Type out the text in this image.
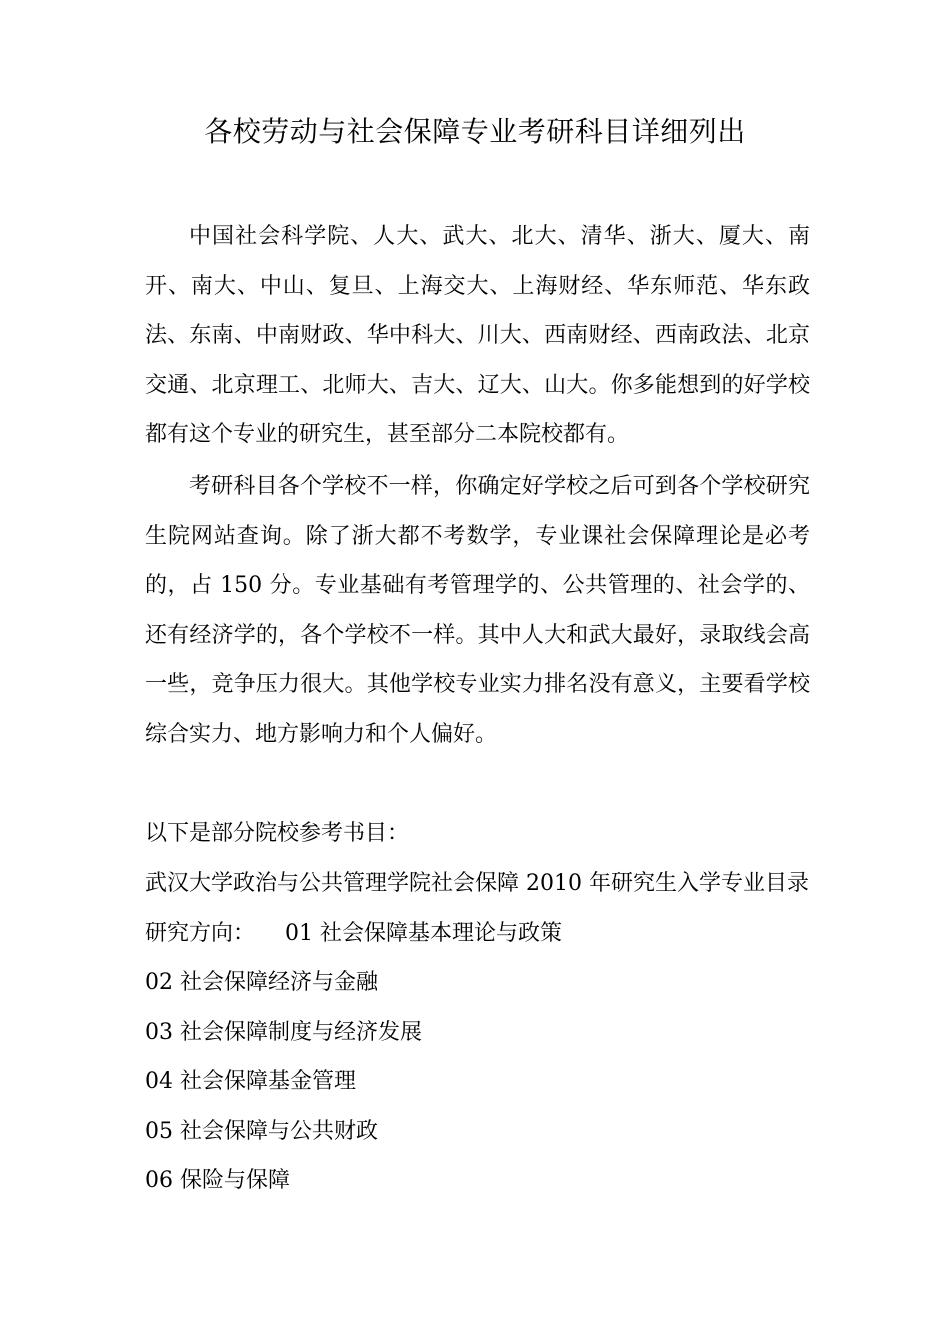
各校劳动与社会保障专业考研科目详细列出
中国社会科学院、人大、武大、北大、清华、浙大、厦大、南开、南大、中山、复旦、上海交大、上海财经、华东师范、华东政法、东南、中南财政、华中科大、川大、西南财经、西南政法、北京交通、北京理工、北师大、吉大、辽大、山大。你多能想到的好学校都有这个专业的研究生，甚至部分二本院校都有。
考研科目各个学校不一样，你确定好学校之后可到各个学校研究生院网站查询。除了浙大都不考数学，专业课社会保障理论是必考的，占 150 分。专业基础有考管理学的、公共管理的、社会学的、还有经济学的，各个学校不一样。其中人大和武大最好，录取线会高一些，竞争压力很大。其他学校专业实力排名没有意义，主要看学校综合实力、地方影响力和个人偏好。
以下是部分院校参考书目：
武汉大学政治与公共管理学院社会保障 2010 年研究生入学专业目录
研究方向： 01 社会保障基本理论与政策
02 社会保障经济与金融
03 社会保障制度与经济发展
04 社会保障基金管理
05 社会保障与公共财政
06 保险与保障
